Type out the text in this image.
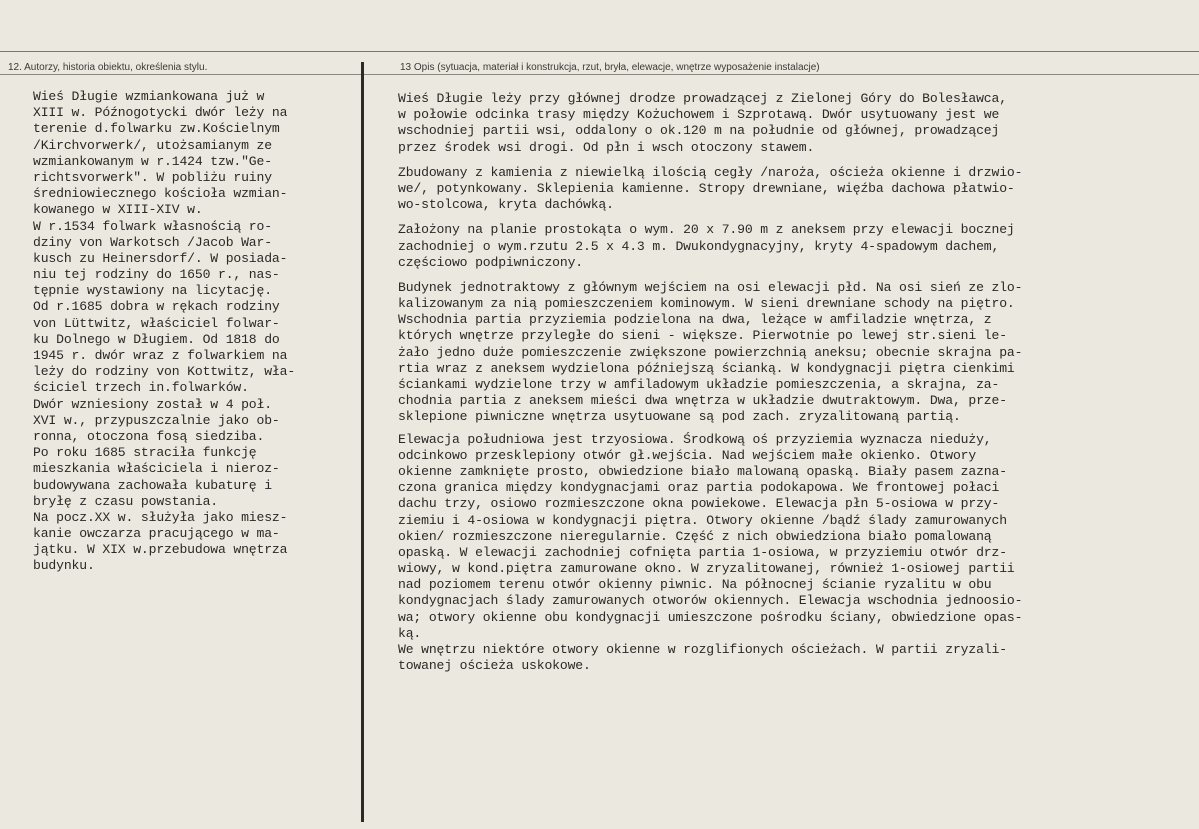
12. Autorzy, historia obiektu, określenia stylu.	13 Opis (sytuacja, materiał i konstrukcja, rzut, bryła, elewacje, wnętrze wyposażenie instalacje)
Wieś Długie wzmiankowana już w
XIII w. Późnogotycki dwór leży na
terenie d.folwarku zw.Kościelnym
/Kirchvorwerk/, utożsamianym ze
wzmiankowanym w r.1424 tzw."Ge-
richtsvorwerk". W pobliżu ruiny
średniowiecznego kościoła wzmian-
kowanego w XIII-XIV w.
W r.1534 folwark własnością ro-
dziny von Warkotsch /Jacob War-
kusch zu Heinersdorf/. W posiada-
niu tej rodziny do 1650 r., nas-
tępnie wystawiony na licytację.
Od r.1685 dobra w rękach rodziny
von Lüttwitz, właściciel folwar-
ku Dolnego w Długiem. Od 1818 do
1945 r. dwór wraz z folwarkiem na
leży do rodziny von Kottwitz, wła-
ściciel trzech in.folwarków.
Dwór wzniesiony został w 4 poł.
XVI w., przypuszczalnie jako ob-
ronna, otoczona fosą siedziba.
Po roku 1685 straciła funkcję
mieszkania właściciela i nieroz-
budowywana zachowała kubaturę i
bryłę z czasu powstania.
Na pocz.XX w. służyła jako miesz-
kanie owczarza pracującego w ma-
jątku. W XIX w.przebudowa wnętrza
budynku.
Wieś Długie leży przy głównej drodze prowadzącej z Zielonej Góry do Bolesławca,
w połowie odcinka trasy między Kożuchowem i Szprotawą. Dwór usytuowany jest we
wschodniej partii wsi, oddalony o ok.120 m na południe od głównej, prowadzącej
przez środek wsi drogi. Od płn i wsch otoczony stawem.
Zbudowany z kamienia z niewielką ilością cegły /naroża, ościeża okienne i drzwio-
we/, potynkowany. Sklepienia kamienne. Stropy drewniane, więźba dachowa płatwio-
wo-stolcowa, kryta dachówką.
Założony na planie prostokąta o wym. 20 x 7.90 m z aneksem przy elewacji bocznej
zachodniej o wym.rzutu 2.5 x 4.3 m. Dwukondygnacyjny, kryty 4-spadowym dachem,
częściowo podpiwniczony.
Budynek jednotraktowy z głównym wejściem na osi elewacji płd. Na osi sień ze zlo-
kalizowanym za nią pomieszczeniem kominowym. W sieni drewniane schody na piętro.
Wschodnia partia przyziemia podzielona na dwa, leżące w amfiladzie wnętrza, z
których wnętrze przyległe do sieni - większe. Pierwotnie po lewej str.sieni le-
żało jedno duże pomieszczenie zwiększone powierzchnią aneksu; obecnie skrajna pa-
rtia wraz z aneksem wydzielona późniejszą ścianką. W kondygnacji piętra cienkimi
ściankami wydzielone trzy w amfiladowym układzie pomieszczenia, a skrajna, za-
chodnia partia z aneksem mieści dwa wnętrza w układzie dwutraktowym. Dwa, prze-
sklepione piwniczne wnętrza usytuowane są pod zach. zryzalitowaną partią.
Elewacja południowa jest trzyosiowa. Środkową oś przyziemia wyznacza nieduży,
odcinkowo przesklepiony otwór gł.wejścia. Nad wejściem małe okienko. Otwory
okienne zamknięte prosto, obwiedzione biało malowaną opaską. Biały pasem zazna-
czona granica między kondygnacjami oraz partia podokapowa. We frontowej połaci
dachu trzy, osiowo rozmieszczone okna powiekowe. Elewacja płn 5-osiowa w przy-
ziemiu i 4-osiowa w kondygnacji piętra. Otwory okienne /bądź ślady zamurowanych
okien/ rozmieszczone nieregularnie. Część z nich obwiedziona biało pomalowaną
opaską. W elewacji zachodniej cofnięta partia 1-osiowa, w przyziemiu otwór drz-
wiowy, w kond.piętra zamurowane okno. W zryzalitowanej, również 1-osiowej partii
nad poziomem terenu otwór okienny piwnic. Na północnej ścianie ryzalitu w obu
kondygnacjach ślady zamurowanych otworów okiennych. Elewacja wschodnia jednoosio-
wa; otwory okienne obu kondygnacji umieszczone pośrodku ściany, obwiedzione opas-
ką.
We wnętrzu niektóre otwory okienne w rozglifionych ościeżach. W partii zryzali-
towanej ościeża uskokowe.
